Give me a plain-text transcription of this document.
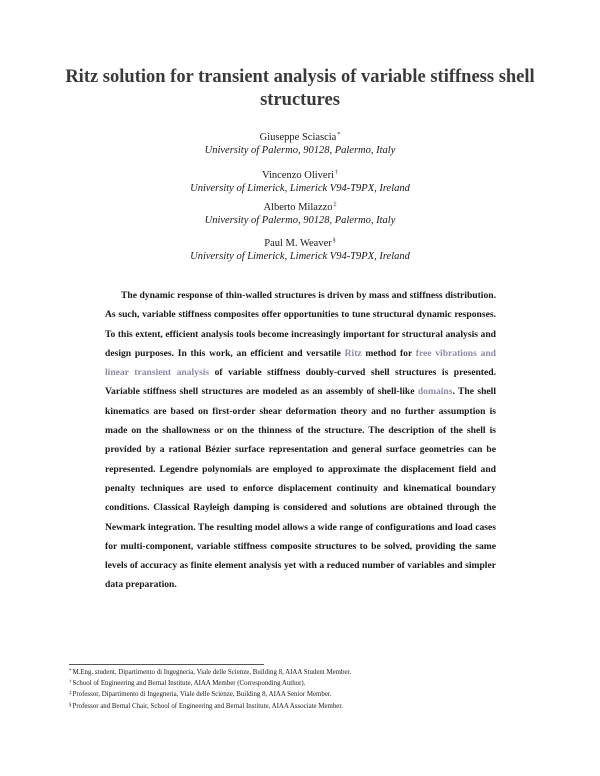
Ritz solution for transient analysis of variable stiffness shell structures
Giuseppe Sciascia*
University of Palermo, 90128, Palermo, Italy
Vincenzo Oliveri†
University of Limerick, Limerick V94-T9PX, Ireland
Alberto Milazzo‡
University of Palermo, 90128, Palermo, Italy
Paul M. Weaver§
University of Limerick, Limerick V94-T9PX, Ireland

The dynamic response of thin-walled structures is driven by mass and stiffness distribution. As such, variable stiffness composites offer opportunities to tune structural dynamic responses. To this extent, efficient analysis tools become increasingly important for structural analysis and design purposes. In this work, an efficient and versatile Ritz method for free vibrations and linear transient analysis of variable stiffness doubly-curved shell structures is presented. Variable stiffness shell structures are modeled as an assembly of shell-like domains. The shell kinematics are based on first-order shear deformation theory and no further assumption is made on the shallowness or on the thinness of the structure. The description of the shell is provided by a rational Bézier surface representation and general surface geometries can be represented. Legendre polynomials are employed to approximate the displacement field and penalty techniques are used to enforce displacement continuity and kinematical boundary conditions. Classical Rayleigh damping is considered and solutions are obtained through the Newmark integration. The resulting model allows a wide range of configurations and load cases for multi-component, variable stiffness composite structures to be solved, providing the same levels of accuracy as finite element analysis yet with a reduced number of variables and simpler data preparation.

*M.Eng. student, Dipartimento di Ingegneria, Viale delle Scienze, Building 8, AIAA Student Member.
†School of Engineering and Bernal Institute, AIAA Member (Corresponding Author).
‡Professor, Dipartimento di Ingegneria, Viale delle Scienze, Building 8, AIAA Senior Member.
§Professor and Bernal Chair, School of Engineering and Bernal Institute, AIAA Associate Member.
